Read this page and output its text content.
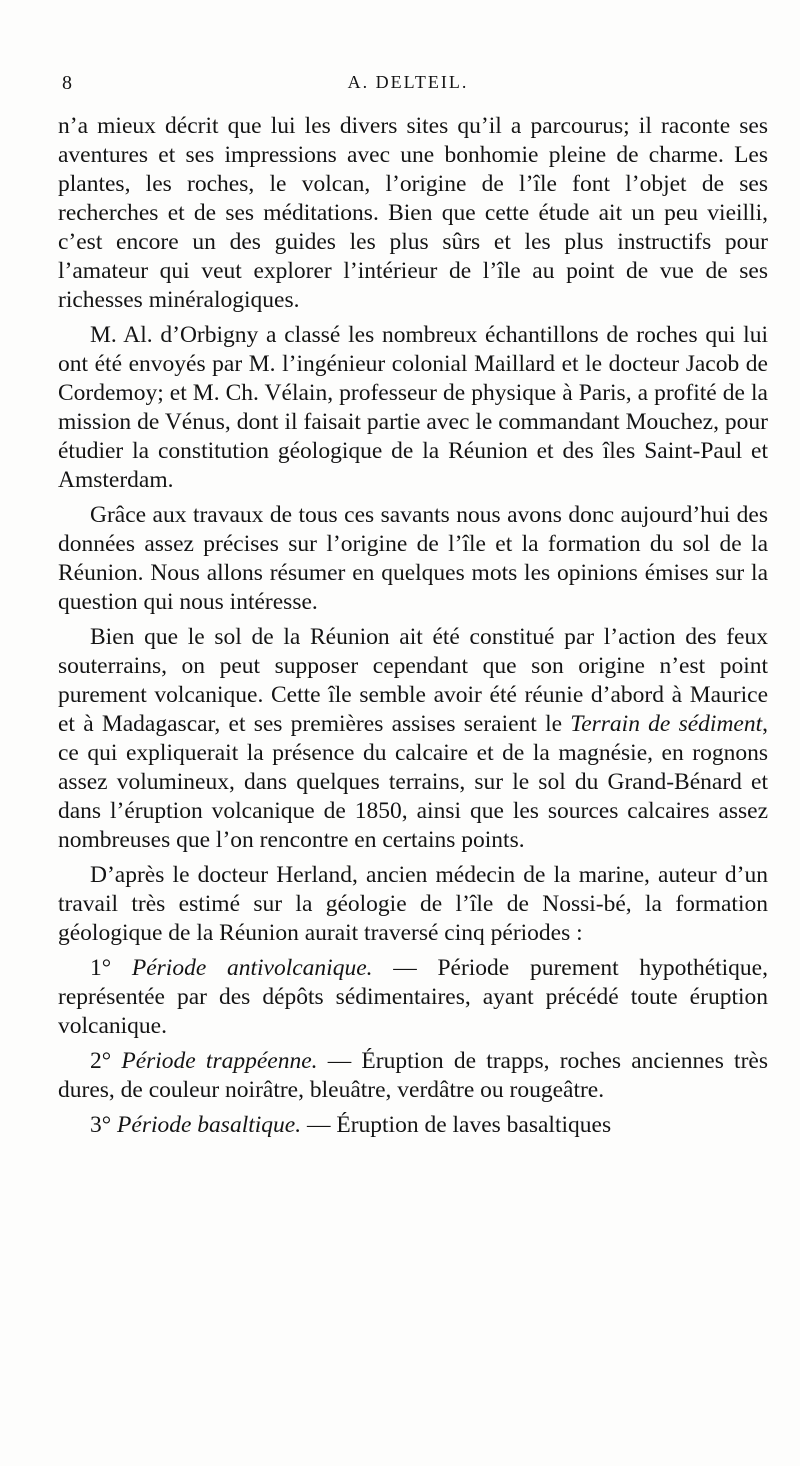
8	A. DELTEIL.

n’a mieux décrit que lui les divers sites qu’il a parcourus; il raconte ses aventures et ses impressions avec une bonhomie pleine de charme. Les plantes, les roches, le volcan, l’origine de l’île font l’objet de ses recherches et de ses méditations. Bien que cette étude ait un peu vieilli, c’est encore un des guides les plus sûrs et les plus instructifs pour l’amateur qui veut explorer l’intérieur de l’île au point de vue de ses richesses minéralogiques.

M. Al. d’Orbigny a classé les nombreux échantillons de roches qui lui ont été envoyés par M. l’ingénieur colonial Maillard et le docteur Jacob de Cordemoy; et M. Ch. Vélain, professeur de physique à Paris, a profité de la mission de Vénus, dont il faisait partie avec le commandant Mouchez, pour étudier la constitution géologique de la Réunion et des îles Saint-Paul et Amsterdam.

Grâce aux travaux de tous ces savants nous avons donc aujourd’hui des données assez précises sur l’origine de l’île et la formation du sol de la Réunion. Nous allons résumer en quelques mots les opinions émises sur la question qui nous intéresse.

Bien que le sol de la Réunion ait été constitué par l’action des feux souterrains, on peut supposer cependant que son origine n’est point purement volcanique. Cette île semble avoir été réunie d’abord à Maurice et à Madagascar, et ses premières assises seraient le Terrain de sédiment, ce qui expliquerait la présence du calcaire et de la magnésie, en rognons assez volumineux, dans quelques terrains, sur le sol du Grand-Bénard et dans l’éruption volcanique de 1850, ainsi que les sources calcaires assez nombreuses que l’on rencontre en certains points.

D’après le docteur Herland, ancien médecin de la marine, auteur d’un travail très estimé sur la géologie de l’île de Nossi-bé, la formation géologique de la Réunion aurait traversé cinq périodes :

1° Période antivolcanique. — Période purement hypothétique, représentée par des dépôts sédimentaires, ayant précédé toute éruption volcanique.

2° Période trappéenne. — Éruption de trapps, roches anciennes très dures, de couleur noirâtre, bleuâtre, verdâtre ou rougeâtre.

3° Période basaltique. — Éruption de laves basaltiques
